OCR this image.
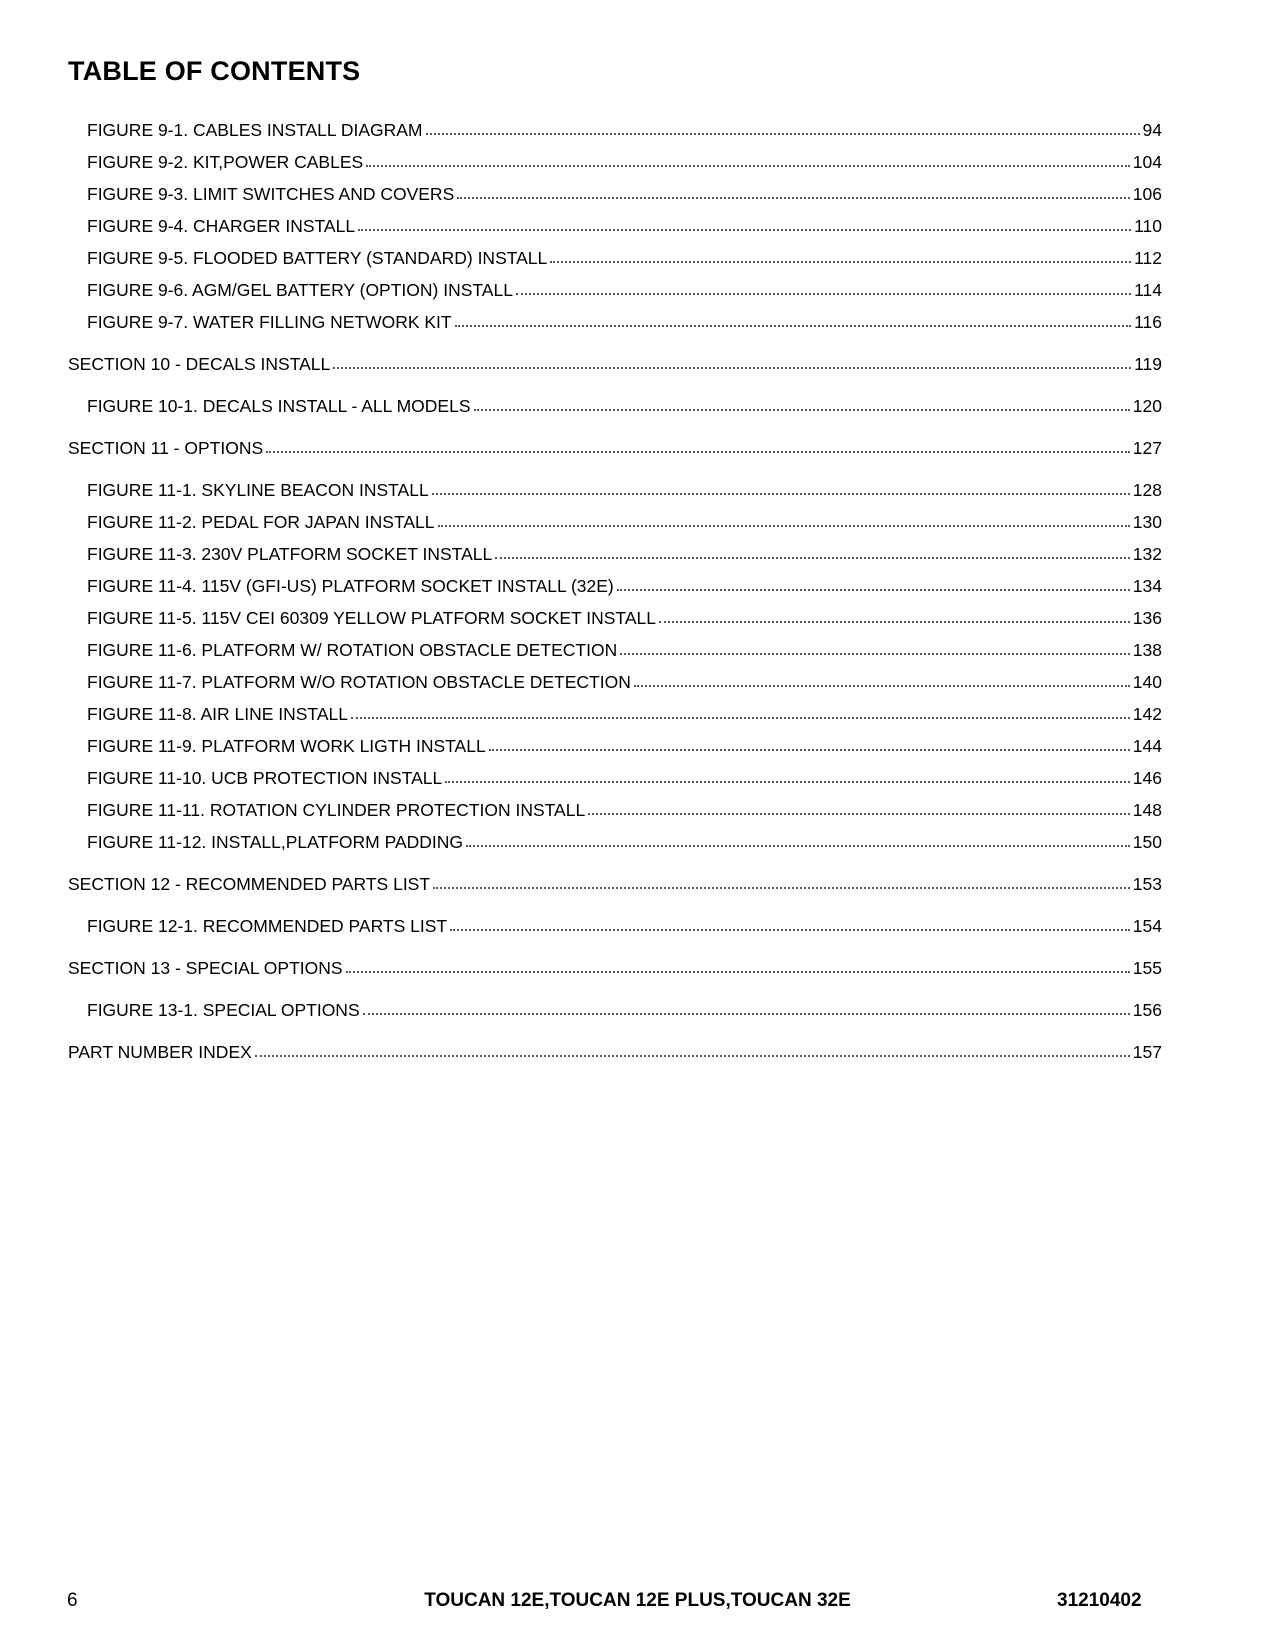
TABLE OF CONTENTS
FIGURE 9-1. CABLES INSTALL DIAGRAM	94
FIGURE 9-2. KIT,POWER CABLES	104
FIGURE 9-3. LIMIT SWITCHES AND COVERS	106
FIGURE 9-4. CHARGER INSTALL	110
FIGURE 9-5. FLOODED BATTERY (STANDARD) INSTALL	112
FIGURE 9-6. AGM/GEL BATTERY (OPTION) INSTALL	114
FIGURE 9-7. WATER FILLING NETWORK KIT	116
SECTION 10 - DECALS INSTALL	119
FIGURE 10-1. DECALS INSTALL - ALL MODELS	120
SECTION 11 - OPTIONS	127
FIGURE 11-1. SKYLINE BEACON INSTALL	128
FIGURE 11-2. PEDAL FOR JAPAN INSTALL	130
FIGURE 11-3. 230V PLATFORM SOCKET INSTALL	132
FIGURE 11-4. 115V (GFI-US) PLATFORM SOCKET INSTALL (32E)	134
FIGURE 11-5. 115V CEI 60309 YELLOW PLATFORM SOCKET INSTALL	136
FIGURE 11-6. PLATFORM W/ ROTATION OBSTACLE DETECTION	138
FIGURE 11-7. PLATFORM W/O ROTATION OBSTACLE DETECTION	140
FIGURE 11-8. AIR LINE INSTALL	142
FIGURE 11-9. PLATFORM WORK LIGTH INSTALL	144
FIGURE 11-10. UCB PROTECTION INSTALL	146
FIGURE 11-11. ROTATION CYLINDER PROTECTION INSTALL	148
FIGURE 11-12. INSTALL,PLATFORM PADDING	150
SECTION 12 - RECOMMENDED PARTS LIST	153
FIGURE 12-1. RECOMMENDED PARTS LIST	154
SECTION 13 - SPECIAL OPTIONS	155
FIGURE 13-1. SPECIAL OPTIONS	156
PART NUMBER INDEX	157
6	TOUCAN 12E,TOUCAN 12E PLUS,TOUCAN 32E	31210402
